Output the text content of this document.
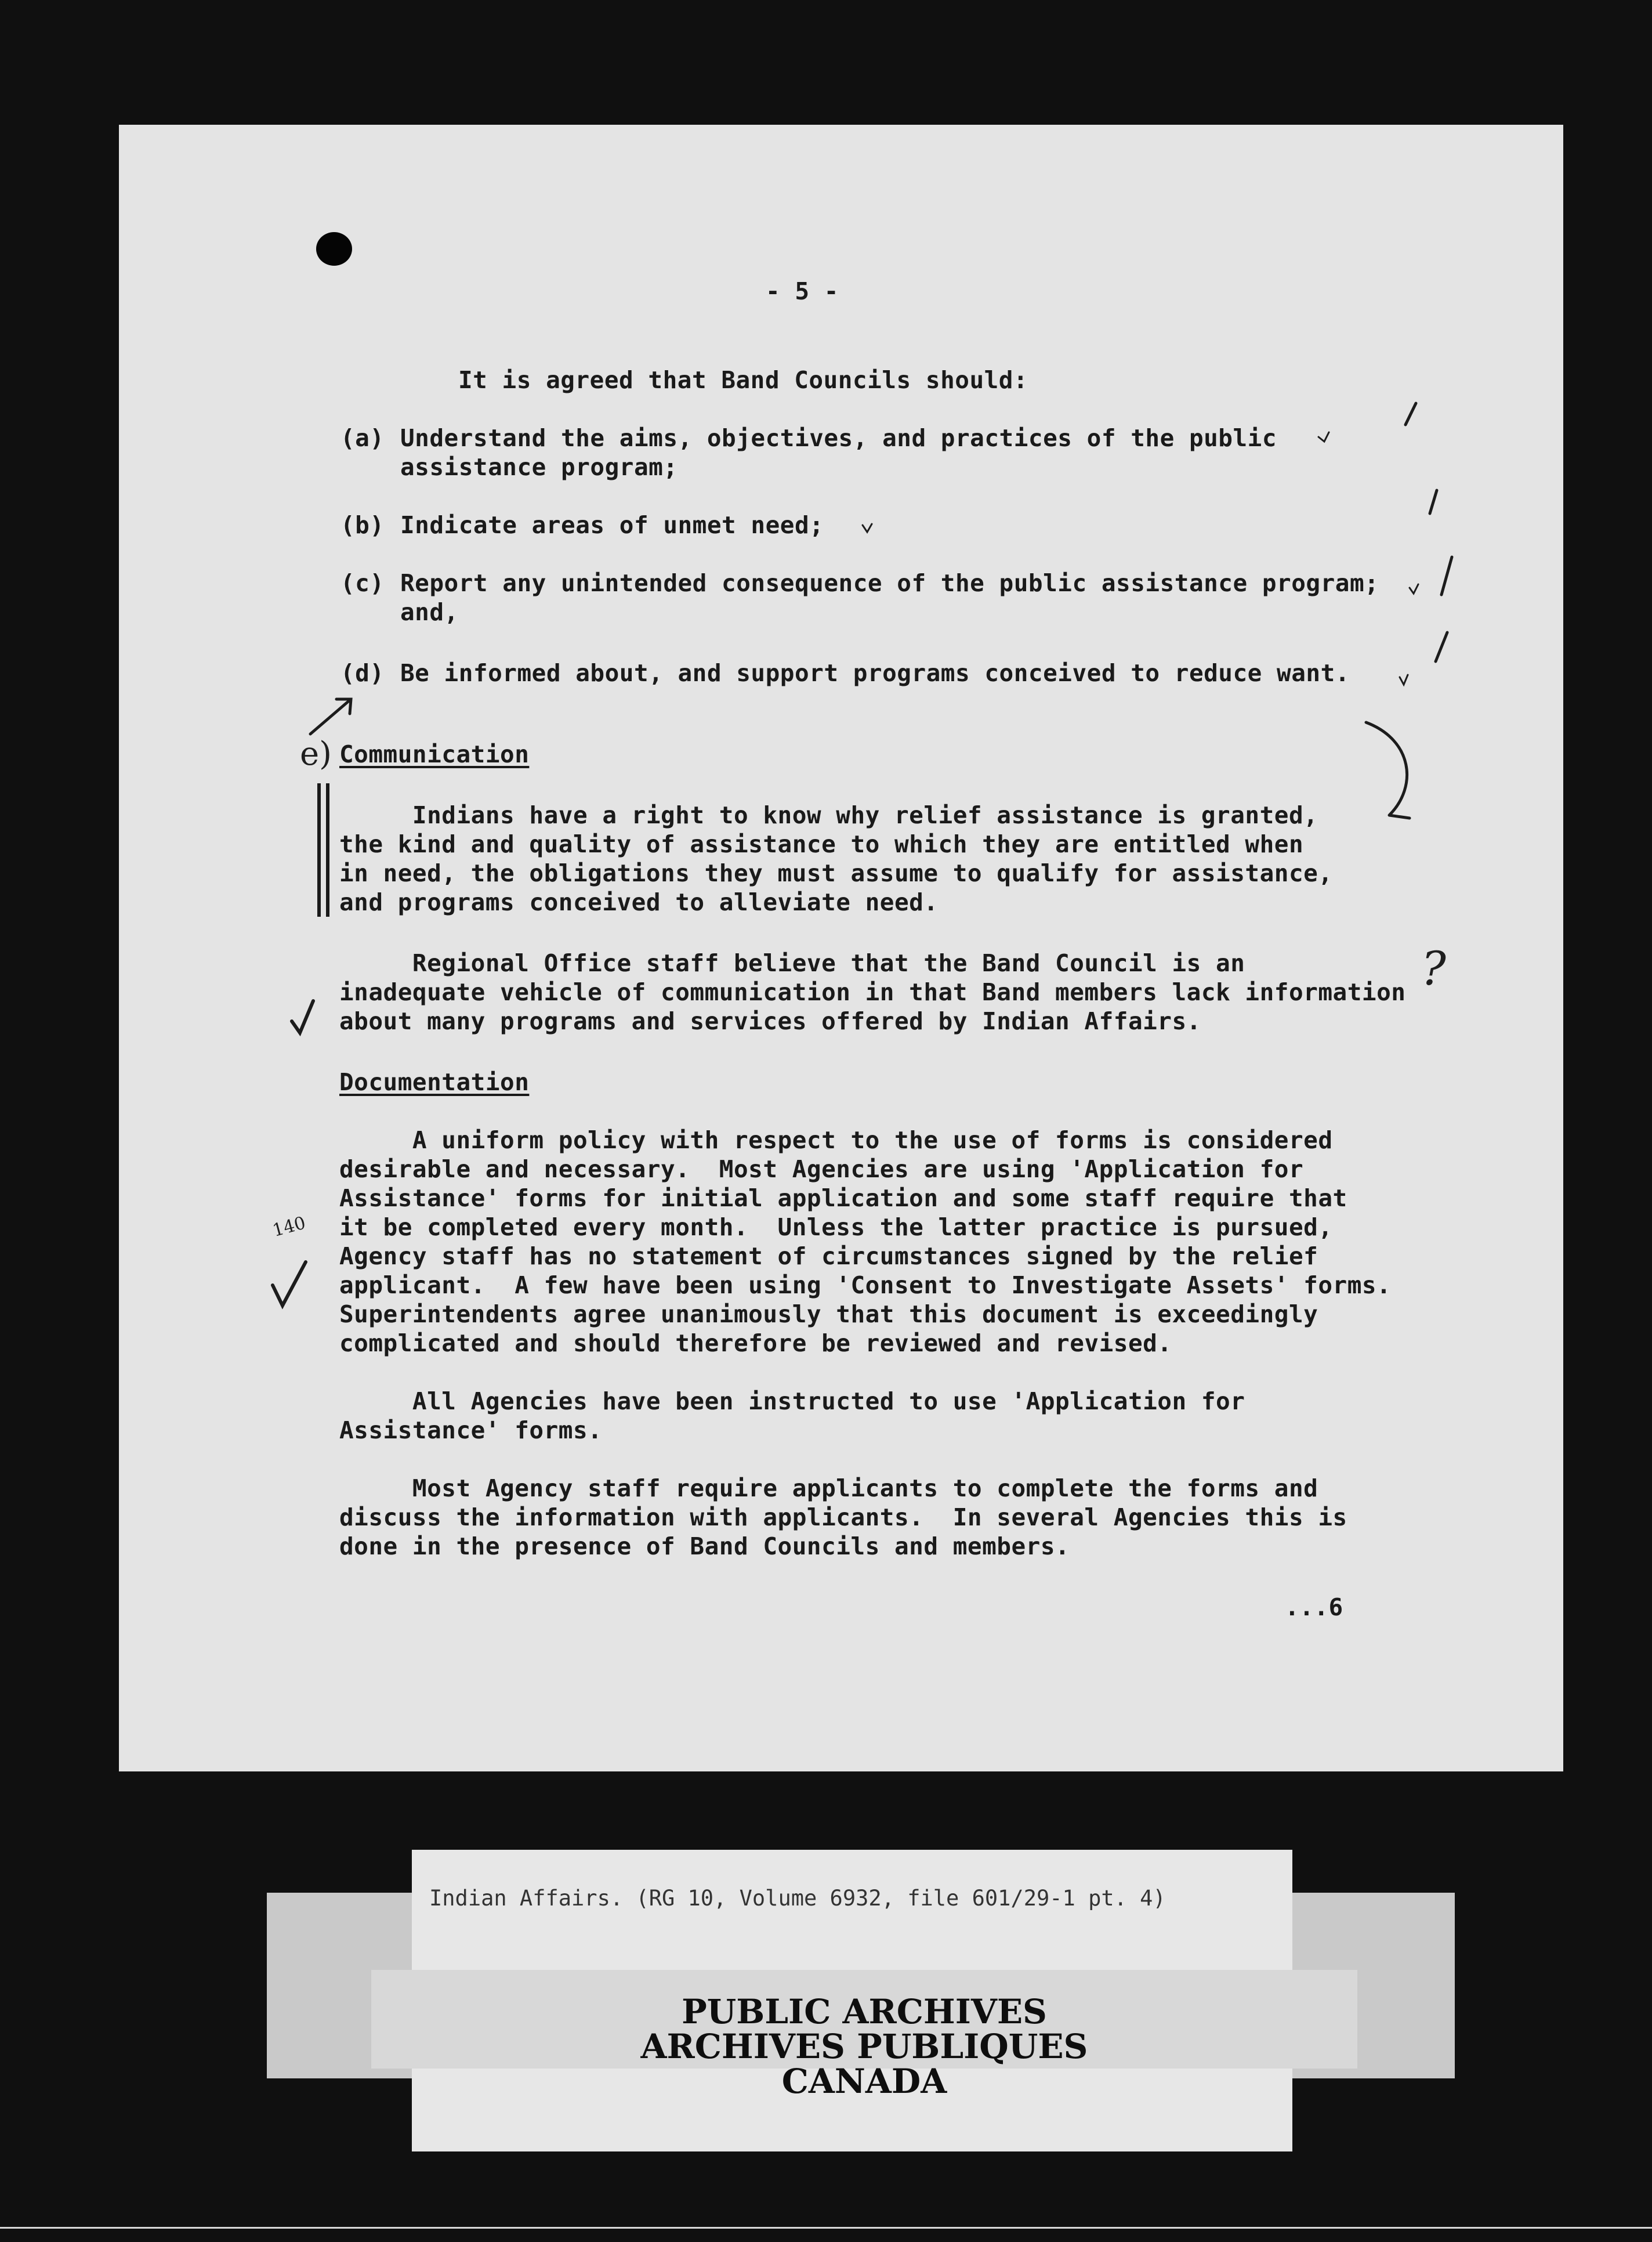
- 5 -
It is agreed that Band Councils should:
(a) Understand the aims, objectives, and practices of the public
assistance program;
(b) Indicate areas of unmet need;
(c) Report any unintended consequence of the public assistance program;
and,
(d) Be informed about, and support programs conceived to reduce want.
e) Communication
Indians have a right to know why relief assistance is granted,
the kind and quality of assistance to which they are entitled when
in need, the obligations they must assume to qualify for assistance,
and programs conceived to alleviate need.
Regional Office staff believe that the Band Council is an
inadequate vehicle of communication in that Band members lack information
about many programs and services offered by Indian Affairs.
Documentation
A uniform policy with respect to the use of forms is considered
desirable and necessary.  Most Agencies are using 'Application for
Assistance' forms for initial application and some staff require that
it be completed every month.  Unless the latter practice is pursued,
Agency staff has no statement of circumstances signed by the relief
applicant.  A few have been using 'Consent to Investigate Assets' forms.
Superintendents agree unanimously that this document is exceedingly
complicated and should therefore be reviewed and revised.
All Agencies have been instructed to use 'Application for
Assistance' forms.
Most Agency staff require applicants to complete the forms and
discuss the information with applicants.  In several Agencies this is
done in the presence of Band Councils and members.
...6
?
140
Indian Affairs. (RG 10, Volume 6932, file 601/29-1 pt. 4)
PUBLIC ARCHIVES
ARCHIVES PUBLIQUES
CANADA
